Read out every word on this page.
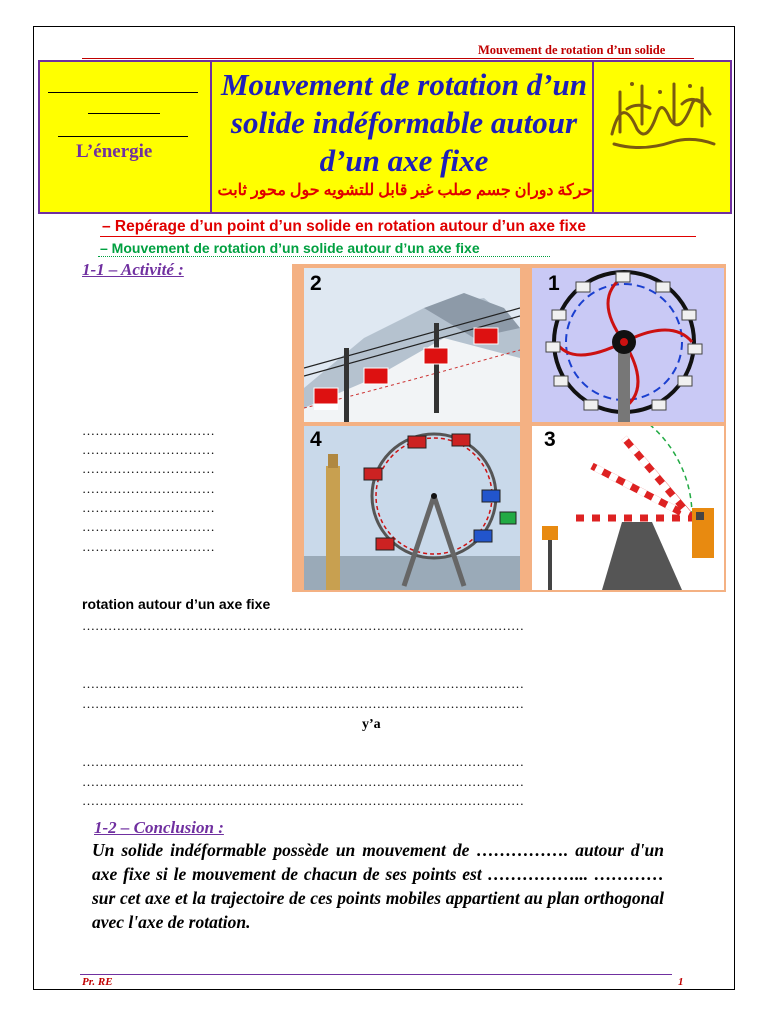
Mouvement de rotation d’un solide
L’énergie
Mouvement de rotation d’un
solide indéformable autour
d’un axe fixe
حركة دوران جسم صلب غير قابل للتشويه حول محور ثابت
– Repérage d’un point d’un solide en rotation autour d’un axe fixe
– Mouvement de rotation d’un solide autour d’un axe fixe
1-1 – Activité :
…………………………
…………………………
…………………………
…………………………
…………………………
…………………………
…………………………
2	1
4	3
rotation autour d’un axe fixe
…………………………………………………………………………………………
…………………………………………………………………………………………
…………………………………………………………………………………………
y’a
…………………………………………………………………………………………
…………………………………………………………………………………………
…………………………………………………………………………………………
1-2 – Conclusion :
Un solide indéformable possède un mouvement de ……………. autour d'un axe fixe si le mouvement de chacun de ses points est ……………... ………… sur cet axe et la trajectoire de ces points mobiles appartient au plan orthogonal avec l'axe de rotation.
Pr. RE	1
